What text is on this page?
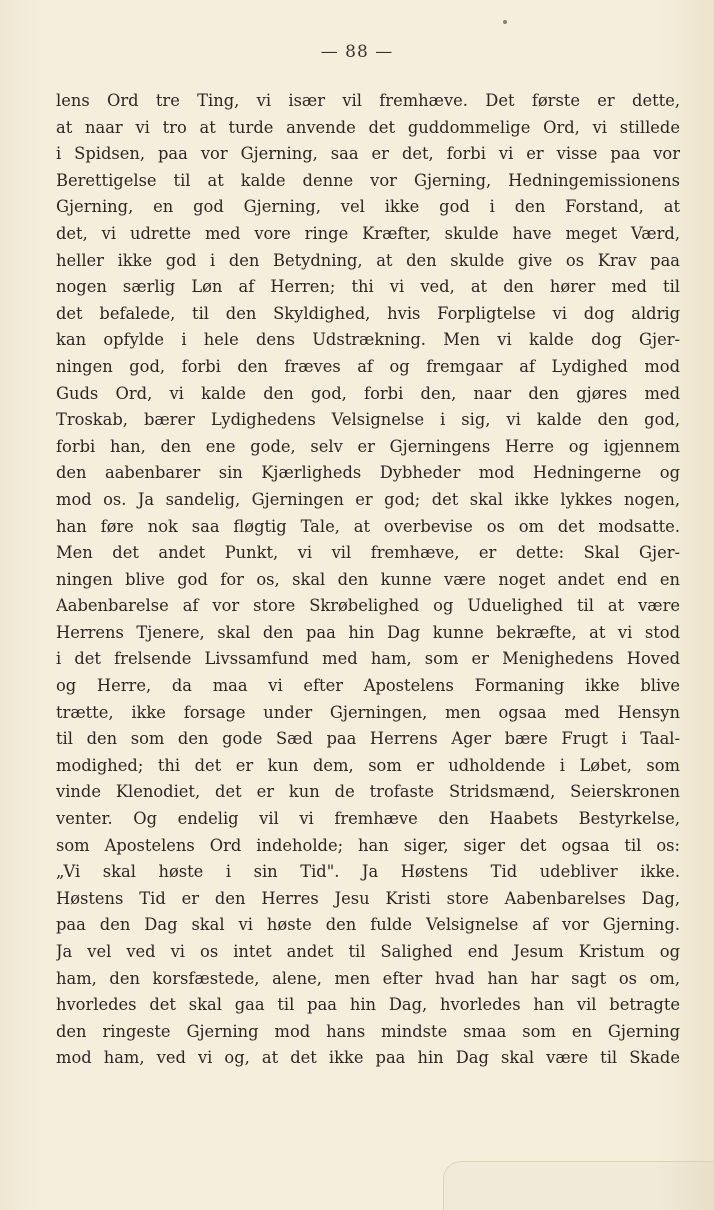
— 88 —
lens Ord tre Ting, vi især vil fremhæve. Det første er dette,
at naar vi tro at turde anvende det guddommelige Ord, vi stillede
i Spidsen, paa vor Gjerning, saa er det, forbi vi er visse paa vor
Berettigelse til at kalde denne vor Gjerning, Hedningemissionens
Gjerning, en god Gjerning, vel ikke god i den Forstand, at
det, vi udrette med vore ringe Kræfter, skulde have meget Værd,
heller ikke god i den Betydning, at den skulde give os Krav paa
nogen særlig Løn af Herren; thi vi ved, at den hører med til
det befalede, til den Skyldighed, hvis Forpligtelse vi dog aldrig
kan opfylde i hele dens Udstrækning. Men vi kalde dog Gjer-
ningen god, forbi den fræves af og fremgaar af Lydighed mod
Guds Ord, vi kalde den god, forbi den, naar den gjøres med
Troskab, bærer Lydighedens Velsignelse i sig, vi kalde den god,
forbi han, den ene gode, selv er Gjerningens Herre og igjennem
den aabenbarer sin Kjærligheds Dybheder mod Hedningerne og
mod os. Ja sandelig, Gjerningen er god; det skal ikke lykkes nogen,
han føre nok saa fløgtig Tale, at overbevise os om det modsatte.
Men det andet Punkt, vi vil fremhæve, er dette: Skal Gjer-
ningen blive god for os, skal den kunne være noget andet end en
Aabenbarelse af vor store Skrøbelighed og Uduelighed til at være
Herrens Tjenere, skal den paa hin Dag kunne bekræfte, at vi stod
i det frelsende Livssamfund med ham, som er Menighedens Hoved
og Herre, da maa vi efter Apostelens Formaning ikke blive
trætte, ikke forsage under Gjerningen, men ogsaa med Hensyn
til den som den gode Sæd paa Herrens Ager bære Frugt i Taal-
modighed; thi det er kun dem, som er udholdende i Løbet, som
vinde Klenodiet, det er kun de trofaste Stridsmænd, Seierskronen
venter. Og endelig vil vi fremhæve den Haabets Bestyrkelse,
som Apostelens Ord indeholde; han siger, siger det ogsaa til os:
„Vi skal høste i sin Tid". Ja Høstens Tid udebliver ikke.
Høstens Tid er den Herres Jesu Kristi store Aabenbarelses Dag,
paa den Dag skal vi høste den fulde Velsignelse af vor Gjerning.
Ja vel ved vi os intet andet til Salighed end Jesum Kristum og
ham, den korsfæstede, alene, men efter hvad han har sagt os om,
hvorledes det skal gaa til paa hin Dag, hvorledes han vil betragte
den ringeste Gjerning mod hans mindste smaa som en Gjerning
mod ham, ved vi og, at det ikke paa hin Dag skal være til Skade
